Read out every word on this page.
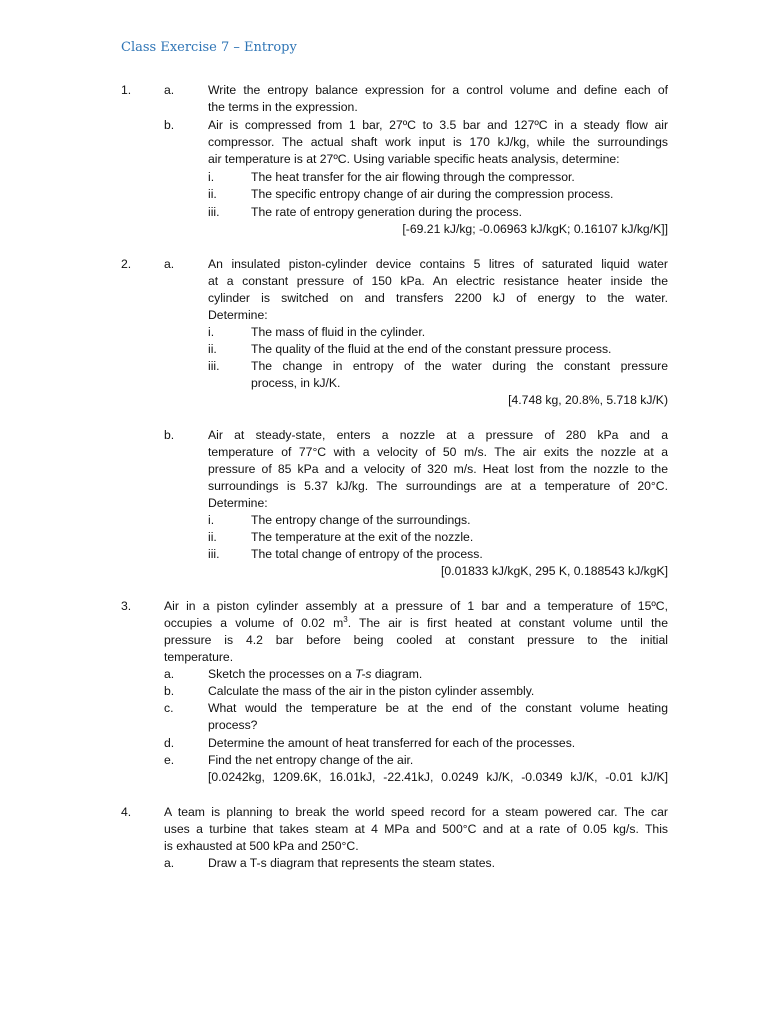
Class Exercise 7 – Entropy
1.	a.	Write the entropy balance expression for a control volume and define each of
the terms in the expression.
b.	Air is compressed from 1 bar, 27ºC to 3.5 bar and 127ºC in a steady flow air
compressor. The actual shaft work input is 170 kJ/kg, while the surroundings
air temperature is at 27ºC. Using variable specific heats analysis, determine:
i.	The heat transfer for the air flowing through the compressor.
ii.	The specific entropy change of air during the compression process.
iii.	The rate of entropy generation during the process.
[-69.21 kJ/kg; -0.06963 kJ/kgK; 0.16107 kJ/kg/K]]
2.	a.	An insulated piston-cylinder device contains 5 litres of saturated liquid water
at a constant pressure of 150 kPa. An electric resistance heater inside the
cylinder is switched on and transfers 2200 kJ of energy to the water.
Determine:
i.	The mass of fluid in the cylinder.
ii.	The quality of the fluid at the end of the constant pressure process.
iii.	The change in entropy of the water during the constant pressure
process, in kJ/K.
[4.748 kg, 20.8%, 5.718 kJ/K)
b.	Air at steady-state, enters a nozzle at a pressure of 280 kPa and a
temperature of 77°C with a velocity of 50 m/s. The air exits the nozzle at a
pressure of 85 kPa and a velocity of 320 m/s. Heat lost from the nozzle to the
surroundings is 5.37 kJ/kg. The surroundings are at a temperature of 20°C.
Determine:
i.	The entropy change of the surroundings.
ii.	The temperature at the exit of the nozzle.
iii.	The total change of entropy of the process.
[0.01833 kJ/kgK, 295 K, 0.188543 kJ/kgK]
3.	Air in a piston cylinder assembly at a pressure of 1 bar and a temperature of 15ºC,
occupies a volume of 0.02 $m^3$. The air is first heated at constant volume until the
pressure is 4.2 bar before being cooled at constant pressure to the initial
temperature.
a.	Sketch the processes on a T-s diagram.
b.	Calculate the mass of the air in the piston cylinder assembly.
c.	What would the temperature be at the end of the constant volume heating
process?
d.	Determine the amount of heat transferred for each of the processes.
e.	Find the net entropy change of the air.
[0.0242kg, 1209.6K, 16.01kJ, -22.41kJ, 0.0249 kJ/K, -0.0349 kJ/K, -0.01 kJ/K]
4.	A team is planning to break the world speed record for a steam powered car. The car
uses a turbine that takes steam at 4 MPa and 500°C and at a rate of 0.05 kg/s. This
is exhausted at 500 kPa and 250°C.
a.	Draw a T-s diagram that represents the steam states.
